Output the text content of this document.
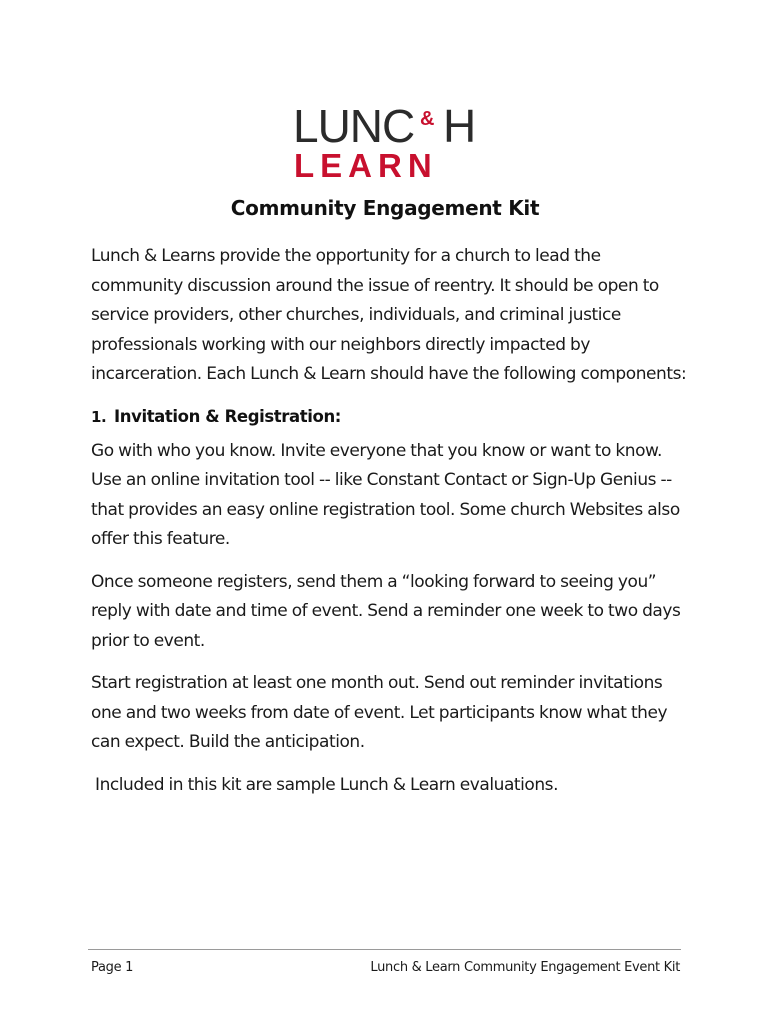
LUNC & H
LEARN
Community Engagement Kit

Lunch & Learns provide the opportunity for a church to lead the community discussion around the issue of reentry. It should be open to service providers, other churches, individuals, and criminal justice professionals working with our neighbors directly impacted by incarceration. Each Lunch & Learn should have the following components:

1. Invitation & Registration:

Go with who you know. Invite everyone that you know or want to know. Use an online invitation tool -- like Constant Contact or Sign-Up Genius -- that provides an easy online registration tool. Some church Websites also offer this feature.

Once someone registers, send them a “looking forward to seeing you” reply with date and time of event. Send a reminder one week to two days prior to event.

Start registration at least one month out. Send out reminder invitations one and two weeks from date of event. Let participants know what they can expect. Build the anticipation.

Included in this kit are sample Lunch & Learn evaluations.

Page 1	Lunch & Learn Community Engagement Event Kit
